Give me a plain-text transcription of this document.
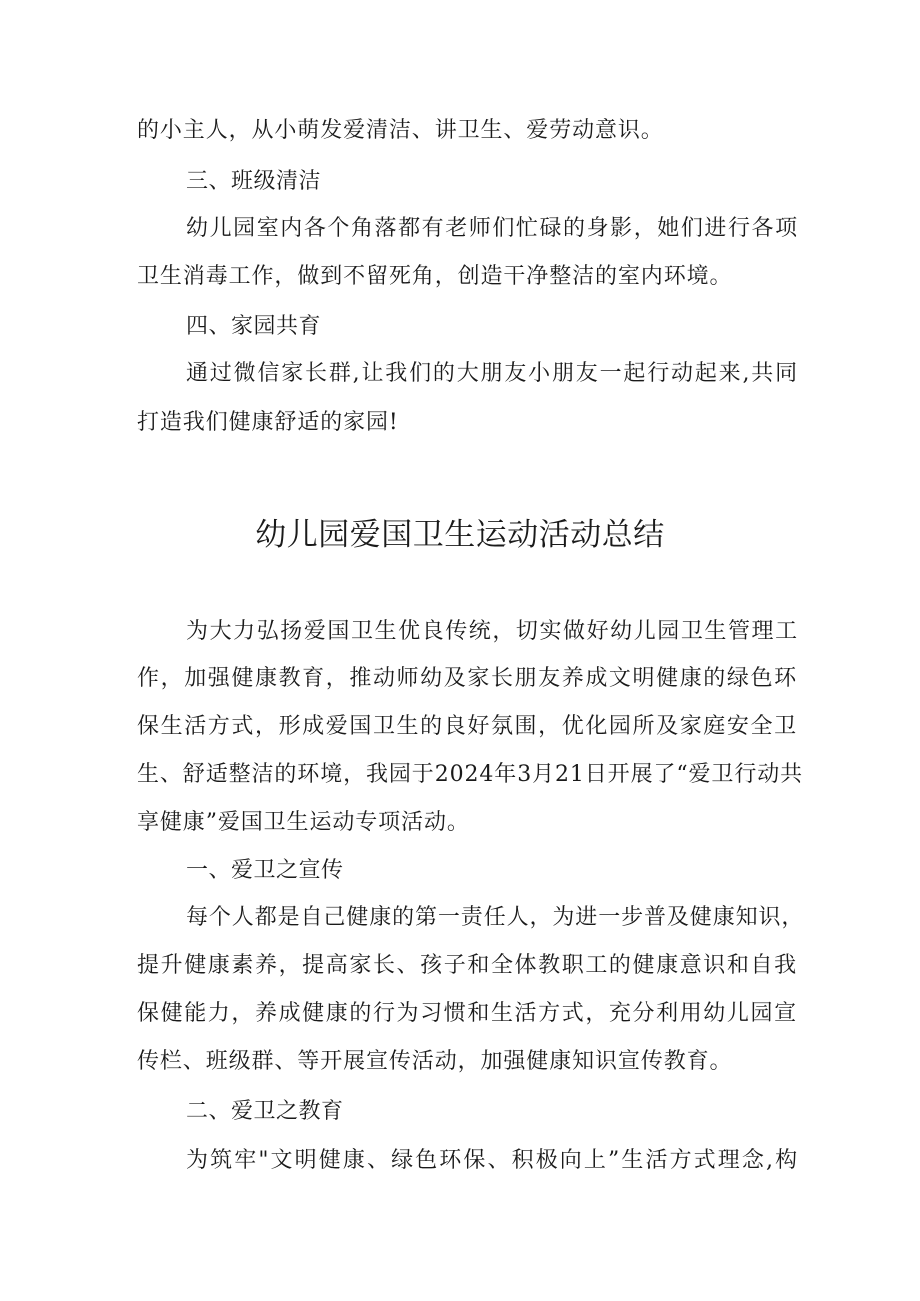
的小主人，从小萌发爱清洁、讲卫生、爱劳动意识。
三、班级清洁
幼儿园室内各个角落都有老师们忙碌的身影，她们进行各项
卫生消毒工作，做到不留死角，创造干净整洁的室内环境。
四、家园共育
通过微信家长群,让我们的大朋友小朋友一起行动起来,共同
打造我们健康舒适的家园!
幼儿园爱国卫生运动活动总结
为大力弘扬爱国卫生优良传统，切实做好幼儿园卫生管理工
作，加强健康教育，推动师幼及家长朋友养成文明健康的绿色环
保生活方式，形成爱国卫生的良好氛围，优化园所及家庭安全卫
生、舒适整洁的环境，我园于2024年3月21日开展了“爱卫行动共
享健康”爱国卫生运动专项活动。
一、爱卫之宣传
每个人都是自己健康的第一责任人，为进一步普及健康知识，
提升健康素养，提高家长、孩子和全体教职工的健康意识和自我
保健能力，养成健康的行为习惯和生活方式，充分利用幼儿园宣
传栏、班级群、等开展宣传活动，加强健康知识宣传教育。
二、爱卫之教育
为筑牢"文明健康、绿色环保、积极向上”生活方式理念,构
